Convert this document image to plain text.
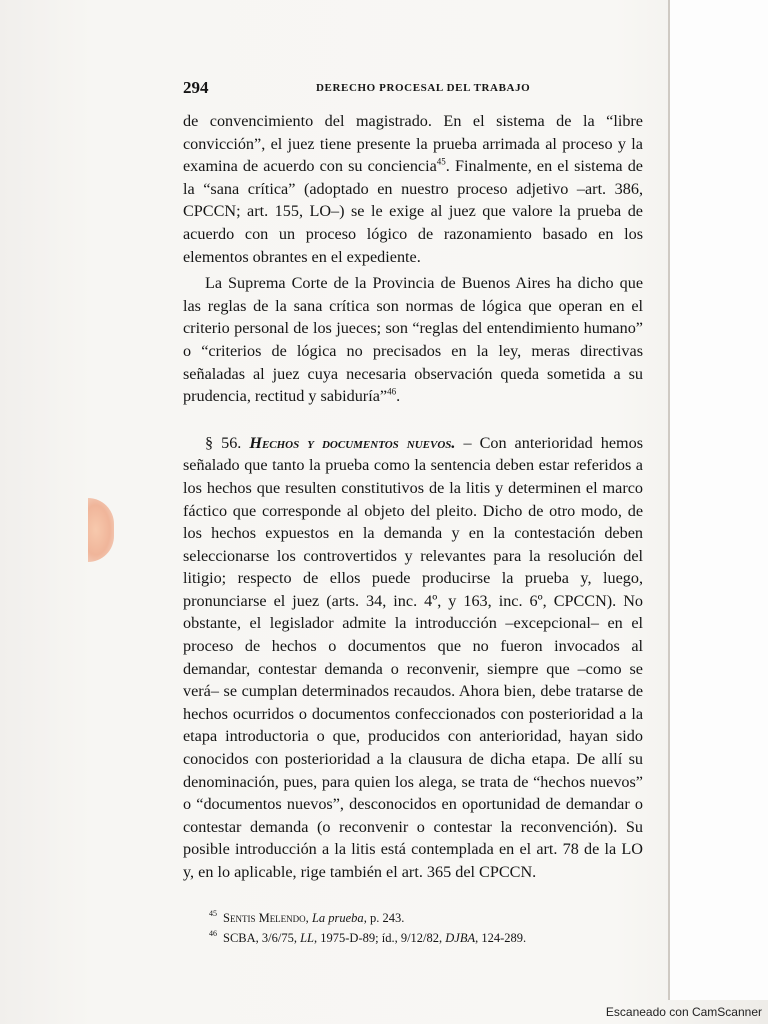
294	DERECHO PROCESAL DEL TRABAJO

de convencimiento del magistrado. En el sistema de la “libre convicción”, el juez tiene presente la prueba arrimada al proceso y la examina de acuerdo con su conciencia$^{45}$. Finalmente, en el sistema de la “sana crítica” (adoptado en nuestro proceso adjetivo –art. 386, CPCCN; art. 155, LO–) se le exige al juez que valore la prueba de acuerdo con un proceso lógico de razonamiento basado en los elementos obrantes en el expediente.

La Suprema Corte de la Provincia de Buenos Aires ha dicho que las reglas de la sana crítica son normas de lógica que operan en el criterio personal de los jueces; son “reglas del entendimiento humano” o “criterios de lógica no precisados en la ley, meras directivas señaladas al juez cuya necesaria observación queda sometida a su prudencia, rectitud y sabiduría”$^{46}$.

§ 56. Hechos y documentos nuevos. – Con anterioridad hemos señalado que tanto la prueba como la sentencia deben estar referidos a los hechos que resulten constitutivos de la litis y determinen el marco fáctico que corresponde al objeto del pleito. Dicho de otro modo, de los hechos expuestos en la demanda y en la contestación deben seleccionarse los controvertidos y relevantes para la resolución del litigio; respecto de ellos puede producirse la prueba y, luego, pronunciarse el juez (arts. 34, inc. 4º, y 163, inc. 6º, CPCCN). No obstante, el legislador admite la introducción –excepcional– en el proceso de hechos o documentos que no fueron invocados al demandar, contestar demanda o reconvenir, siempre que –como se verá– se cumplan determinados recaudos. Ahora bien, debe tratarse de hechos ocurridos o documentos confeccionados con posterioridad a la etapa introductoria o que, producidos con anterioridad, hayan sido conocidos con posterioridad a la clausura de dicha etapa. De allí su denominación, pues, para quien los alega, se trata de “hechos nuevos” o “documentos nuevos”, desconocidos en oportunidad de demandar o contestar demanda (o reconvenir o contestar la reconvención). Su posible introducción a la litis está contemplada en el art. 78 de la LO y, en lo aplicable, rige también el art. 365 del CPCCN.

$^{45}$ Sentis Melendo, La prueba, p. 243.
$^{46}$ SCBA, 3/6/75, LL, 1975-D-89; íd., 9/12/82, DJBA, 124-289.
Escaneado con CamScanner
